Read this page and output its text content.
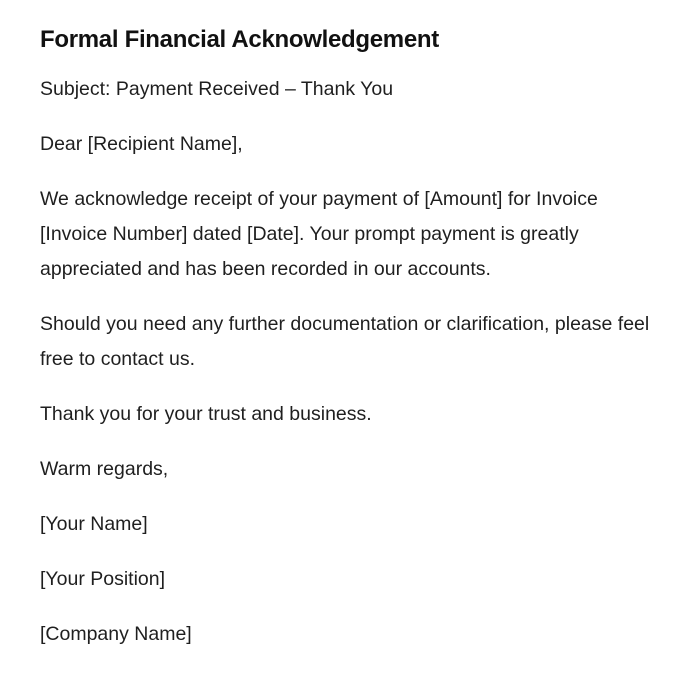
Formal Financial Acknowledgement

Subject: Payment Received – Thank You

Dear [Recipient Name],

We acknowledge receipt of your payment of [Amount] for Invoice [Invoice Number] dated [Date]. Your prompt payment is greatly appreciated and has been recorded in our accounts.

Should you need any further documentation or clarification, please feel free to contact us.

Thank you for your trust and business.

Warm regards,

[Your Name]

[Your Position]

[Company Name]
